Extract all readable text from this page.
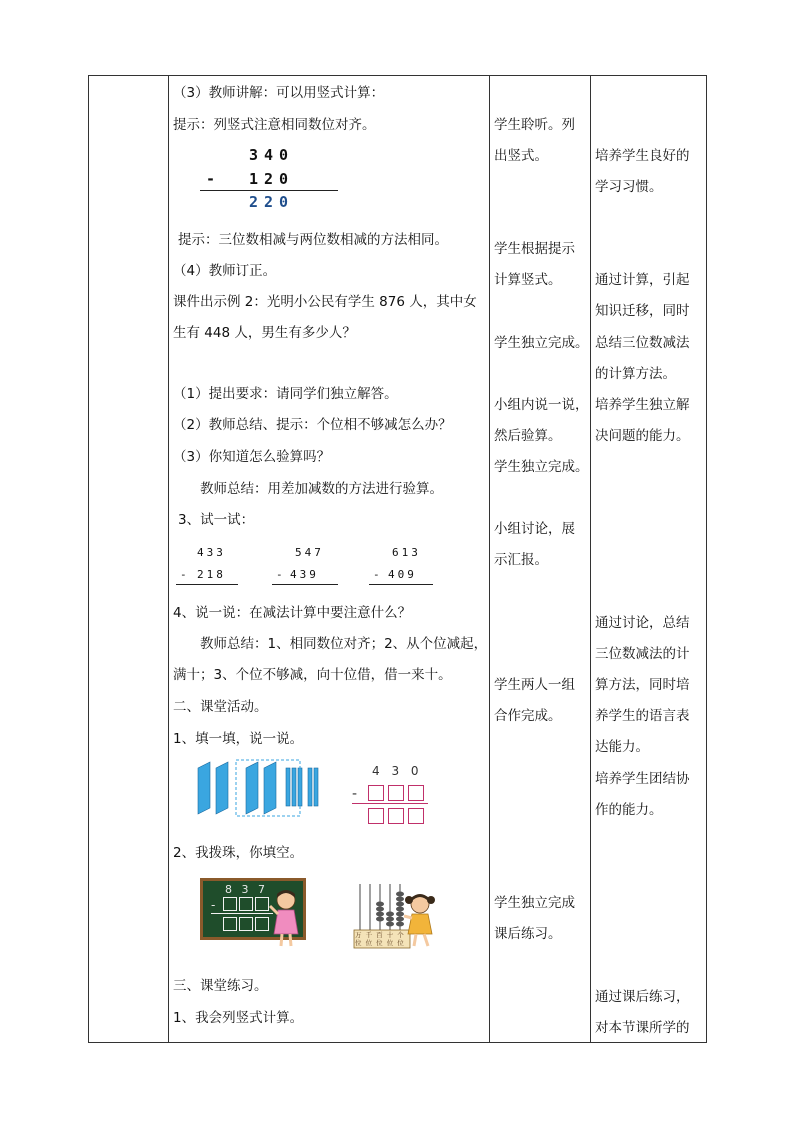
（3）教师讲解：可以用竖式计算：
提示：列竖式注意相同数位对齐。
340
- 120
220
提示：三位数相减与两位数相减的方法相同。
（4）教师订正。
课件出示例 2：光明小公民有学生 876 人，其中女
生有 448 人，男生有多少人？
（1）提出要求：请同学们独立解答。
（2）教师总结、提示：个位相不够减怎么办？
（3）你知道怎么验算吗？
教师总结：用差加减数的方法进行验算。
3、试一试：
433
- 218
547
- 439
613
- 409
4、说一说：在减法计算中要注意什么？
教师总结：1、相同数位对齐；2、从个位减起，
满十；3、个位不够减，向十位借，借一来十。
二、课堂活动。
1、填一填，说一说。
4 3 0
-
2、我拨珠，你填空。
8 3 7
-
万 千 百 十 个
位 位 位 位 位
三、课堂练习。
1、我会列竖式计算。
学生聆听。列
出竖式。
学生根据提示
计算竖式。
学生独立完成。
小组内说一说，
然后验算。
学生独立完成。
小组讨论，展
示汇报。
学生两人一组
合作完成。
学生独立完成
课后练习。
培养学生良好的
学习习惯。
通过计算，引起
知识迁移，同时
总结三位数减法
的计算方法。
培养学生独立解
决问题的能力。
通过讨论，总结
三位数减法的计
算方法，同时培
养学生的语言表
达能力。
培养学生团结协
作的能力。
通过课后练习，
对本节课所学的
